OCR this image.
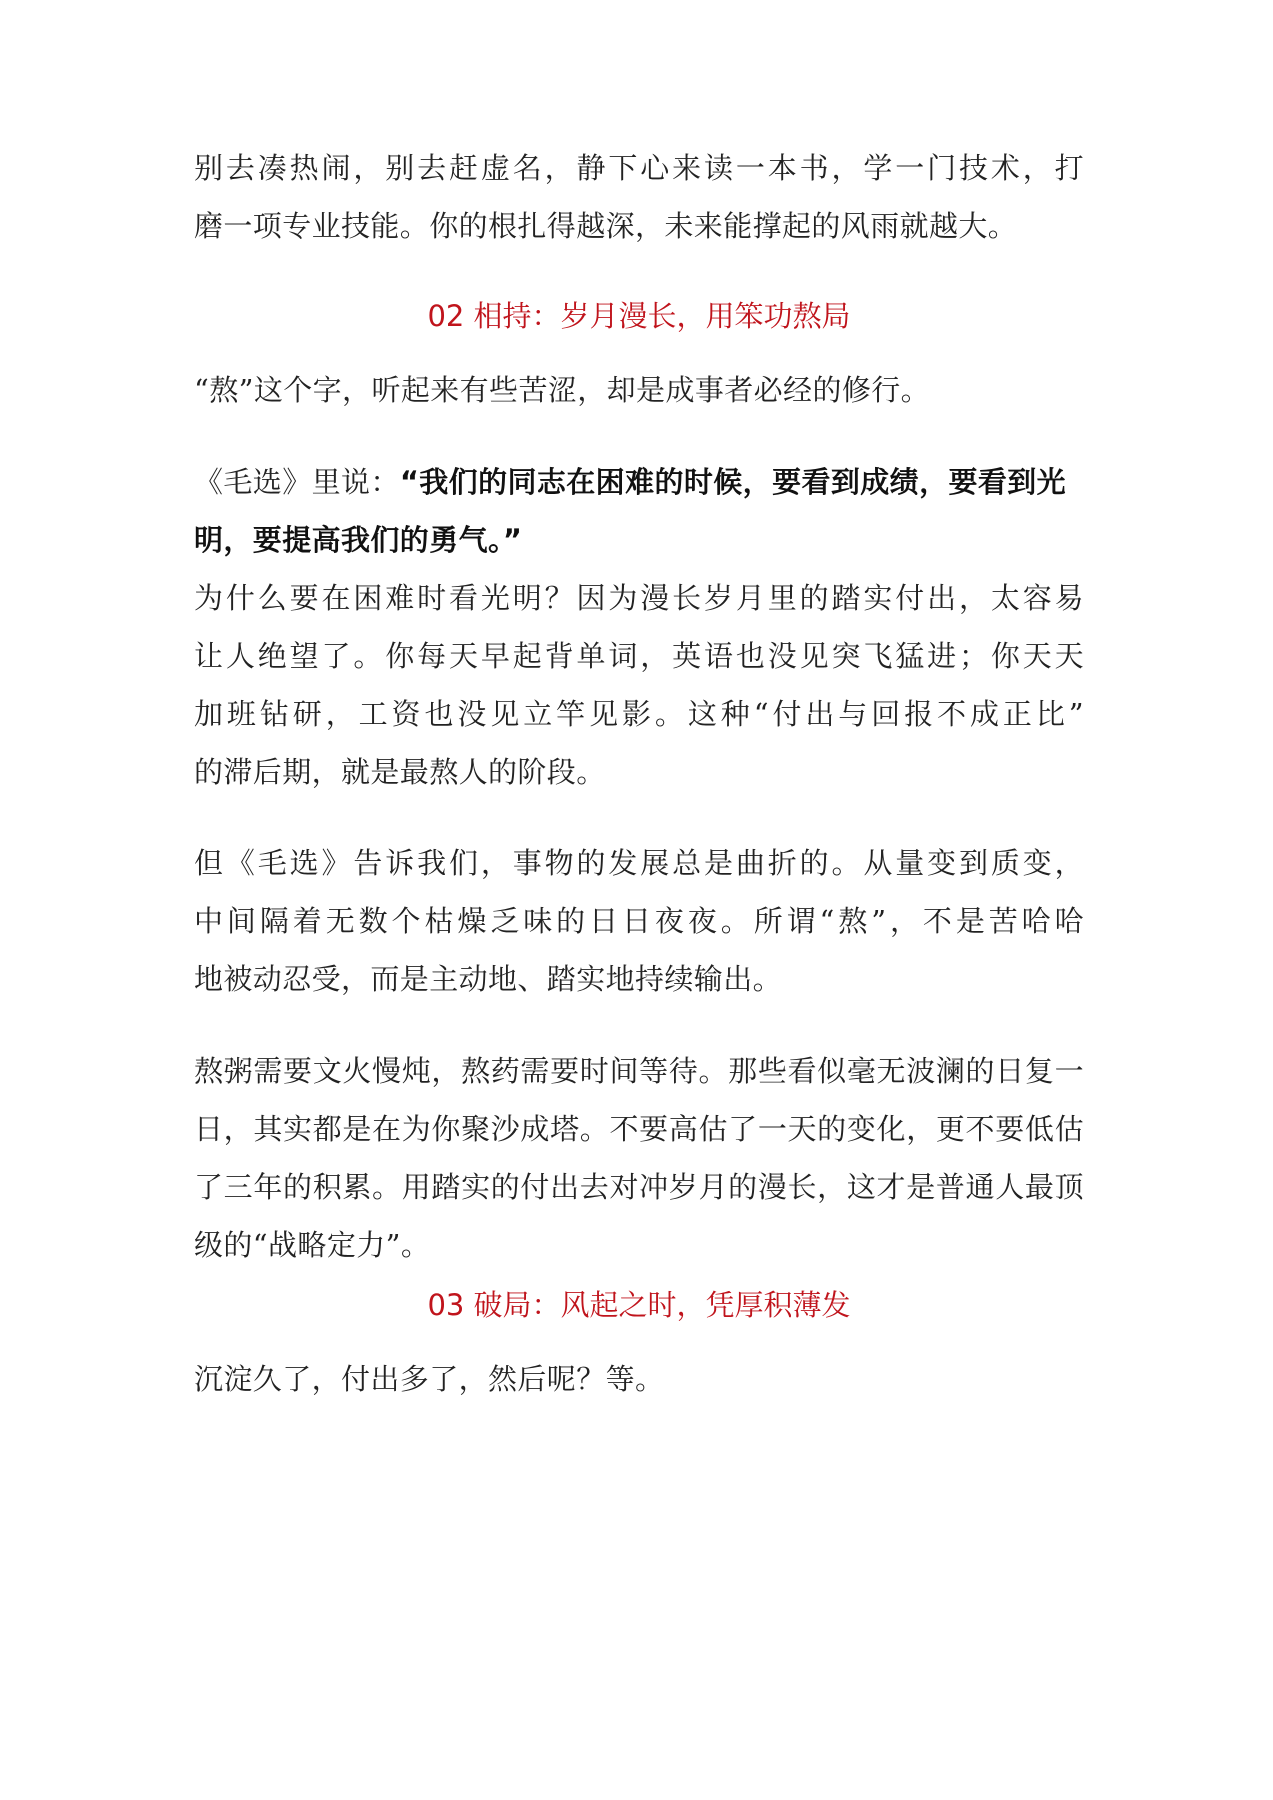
别去凑热闹，别去赶虚名，静下心来读一本书，学一门技术，打
磨一项专业技能。你的根扎得越深，未来能撑起的风雨就越大。
02 相持：岁月漫长，用笨功熬局
“熬”这个字，听起来有些苦涩，却是成事者必经的修行。
《毛选》里说：“我们的同志在困难的时候，要看到成绩，要看到光
明，要提高我们的勇气。”
为什么要在困难时看光明？因为漫长岁月里的踏实付出，太容易
让人绝望了。你每天早起背单词，英语也没见突飞猛进；你天天
加班钻研，工资也没见立竿见影。这种“付出与回报不成正比”
的滞后期，就是最熬人的阶段。
但《毛选》告诉我们，事物的发展总是曲折的。从量变到质变，
中间隔着无数个枯燥乏味的日日夜夜。所谓“熬”，不是苦哈哈
地被动忍受，而是主动地、踏实地持续输出。
熬粥需要文火慢炖，熬药需要时间等待。那些看似毫无波澜的日复一
日，其实都是在为你聚沙成塔。不要高估了一天的变化，更不要低估
了三年的积累。用踏实的付出去对冲岁月的漫长，这才是普通人最顶
级的“战略定力”。
03 破局：风起之时，凭厚积薄发
沉淀久了，付出多了，然后呢？等。
